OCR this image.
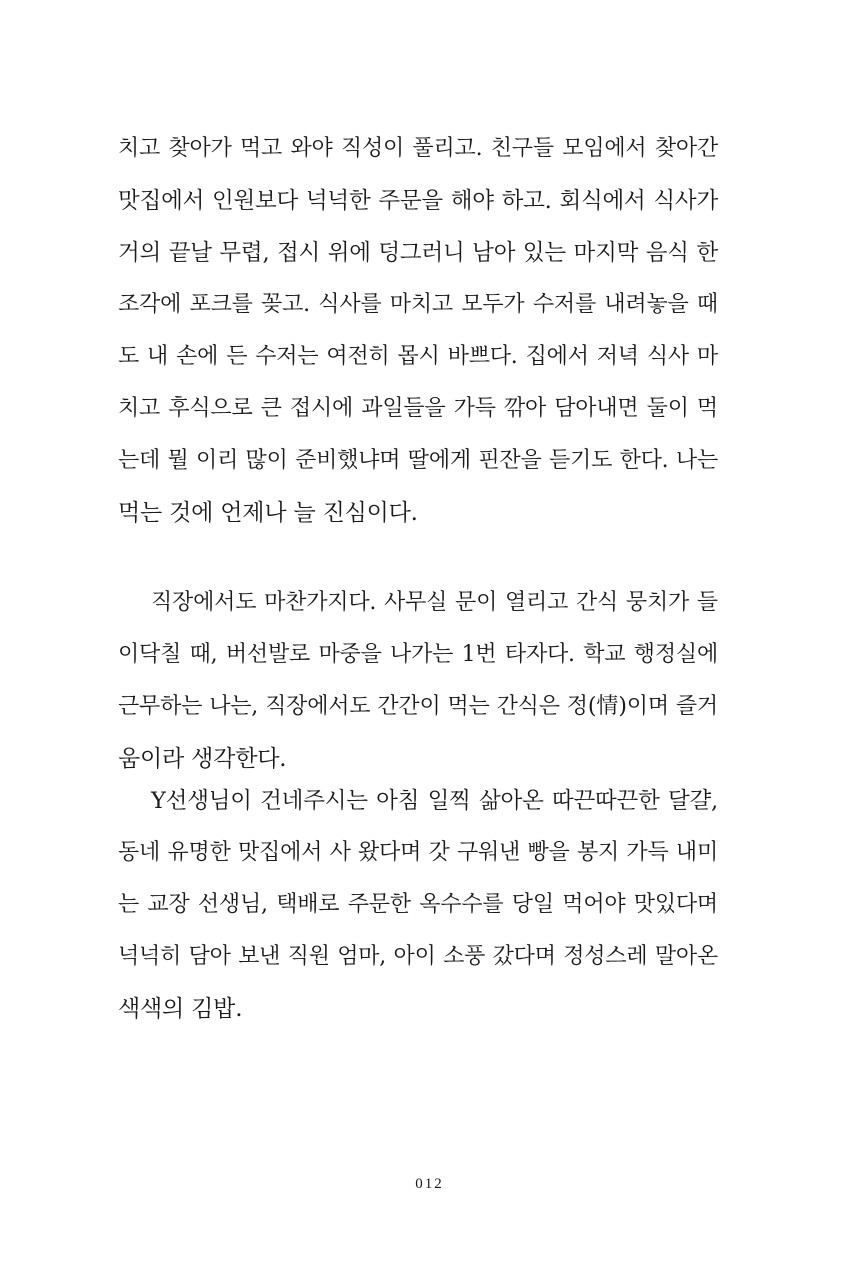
치고 찾아가 먹고 와야 직성이 풀리고. 친구들 모임에서 찾아간
맛집에서 인원보다 넉넉한 주문을 해야 하고. 회식에서 식사가
거의 끝날 무렵, 접시 위에 덩그러니 남아 있는 마지막 음식 한
조각에 포크를 꽂고. 식사를 마치고 모두가 수저를 내려놓을 때
도 내 손에 든 수저는 여전히 몹시 바쁘다. 집에서 저녁 식사 마
치고 후식으로 큰 접시에 과일들을 가득 깎아 담아내면 둘이 먹
는데 뭘 이리 많이 준비했냐며 딸에게 핀잔을 듣기도 한다. 나는
먹는 것에 언제나 늘 진심이다.
직장에서도 마찬가지다. 사무실 문이 열리고 간식 뭉치가 들
이닥칠 때, 버선발로 마중을 나가는 1번 타자다. 학교 행정실에
근무하는 나는, 직장에서도 간간이 먹는 간식은 정(情)이며 즐거
움이라 생각한다.
Y선생님이 건네주시는 아침 일찍 삶아온 따끈따끈한 달걀,
동네 유명한 맛집에서 사 왔다며 갓 구워낸 빵을 봉지 가득 내미
는 교장 선생님, 택배로 주문한 옥수수를 당일 먹어야 맛있다며
넉넉히 담아 보낸 직원 엄마, 아이 소풍 갔다며 정성스레 말아온
색색의 김밥.
012
